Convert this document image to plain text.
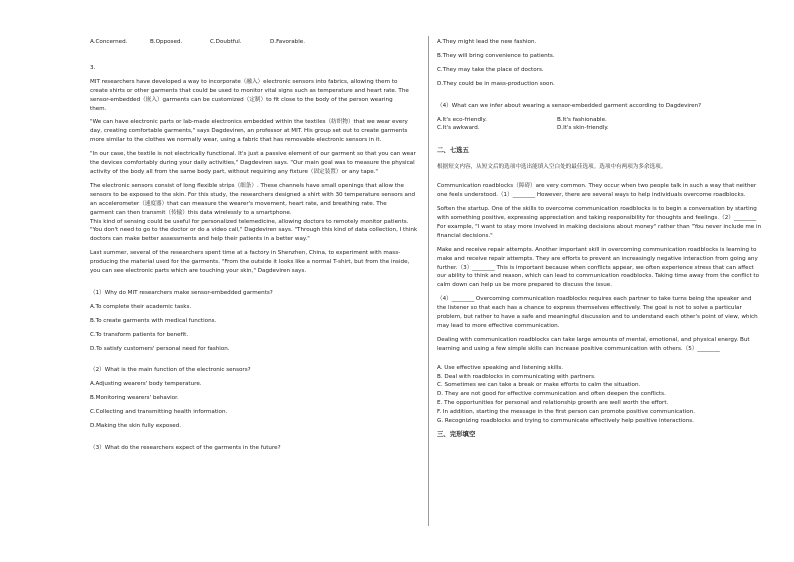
A.Concerned.	B.Opposed.	C.Doubtful.	D.Favorable.
3.
MIT researchers have developed a way to incorporate（融入）electronic sensors into fabrics, allowing them to
create shirts or other garments that could be used to monitor vital signs such as temperature and heart rate. The
sensor-embedded（嵌入）garments can be customized（定制）to fit close to the body of the person wearing
them.
"We can have electronic parts or lab-made electronics embedded within the textiles（纺织物）that we wear every
day, creating comfortable garments," says Dagdeviren, an professor at MIT. His group set out to create garments
more similar to the clothes we normally wear, using a fabric that has removable electronic sensors in it.
"In our case, the textile is not electrically functional. It's just a passive element of our garment so that you can wear
the devices comfortably during your daily activities," Dagdeviren says. "Our main goal was to measure the physical
activity of the body all from the same body part, without requiring any fixture（固定装置）or any tape."
The electronic sensors consist of long flexible strips（细条）. These channels have small openings that allow the
sensors to be exposed to the skin. For this study, the researchers designed a shirt with 30 temperature sensors and
an accelerometer（速度器）that can measure the wearer's movement, heart rate, and breathing rate. The
garment can then transmit（传输）this data wirelessly to a smartphone.
This kind of sensing could be useful for personalized telemedicine, allowing doctors to remotely monitor patients.
"You don't need to go to the doctor or do a video call," Dagdeviren says. "Through this kind of data collection, I think
doctors can make better assessments and help their patients in a better way."
Last summer, several of the researchers spent time at a factory in Shenzhen, China, to experiment with mass-
producing the material used for the garments. "From the outside it looks like a normal T-shirt, but from the inside,
you can see electronic parts which are touching your skin," Dagdeviren says.
（1）Why do MIT researchers make sensor-embedded garments?
A.To complete their academic tasks.
B.To create garments with medical functions.
C.To transform patients for benefit.
D.To satisfy customers' personal need for fashion.
（2）What is the main function of the electronic sensors?
A.Adjusting wearers' body temperature.
B.Monitoring wearers' behavior.
C.Collecting and transmitting health information.
D.Making the skin fully exposed.
（3）What do the researchers expect of the garments in the future?
A.They might lead the new fashion.
B.They will bring convenience to patients.
C.They may take the place of doctors.
D.They could be in mass-production soon.
（4）What can we infer about wearing a sensor-embedded garment according to Dagdeviren?
A.It's eco-friendly.	B.It's fashionable.
C.It's awkward.	D.It's skin-friendly.
二、七选五
根据短文内容，从短文后的选项中选出能填入空白处的最佳选项。选项中有两项为多余选项。
Communication roadblocks（障碍）are very common. They occur when two people talk in such a way that neither
one feels understood.（1）________ However, there are several ways to help individuals overcome roadblocks.
Soften the startup. One of the skills to overcome communication roadblocks is to begin a conversation by starting
with something positive, expressing appreciation and taking responsibility for thoughts and feelings.（2）________
For example, "I want to stay more involved in making decisions about money" rather than "You never include me in
financial decisions."
Make and receive repair attempts. Another important skill in overcoming communication roadblocks is learning to
make and receive repair attempts. They are efforts to prevent an increasingly negative interaction from going any
further.（3）________ This is important because when conflicts appear, we often experience stress that can affect
our ability to think and reason, which can lead to communication roadblocks. Taking time away from the conflict to
calm down can help us be more prepared to discuss the issue.
（4）________ Overcoming communication roadblocks requires each partner to take turns being the speaker and
the listener so that each has a chance to express themselves effectively. The goal is not to solve a particular
problem, but rather to have a safe and meaningful discussion and to understand each other's point of view, which
may lead to more effective communication.
Dealing with communication roadblocks can take large amounts of mental, emotional, and physical energy. But
learning and using a few simple skills can increase positive communication with others.（5）________
A. Use effective speaking and listening skills.
B. Deal with roadblocks in communicating with partners.
C. Sometimes we can take a break or make efforts to calm the situation.
D. They are not good for effective communication and often deepen the conflicts.
E. The opportunities for personal and relationship growth are well worth the effort.
F. In addition, starting the message in the first person can promote positive communication.
G. Recognizing roadblocks and trying to communicate effectively help positive interactions.
三、完形填空
